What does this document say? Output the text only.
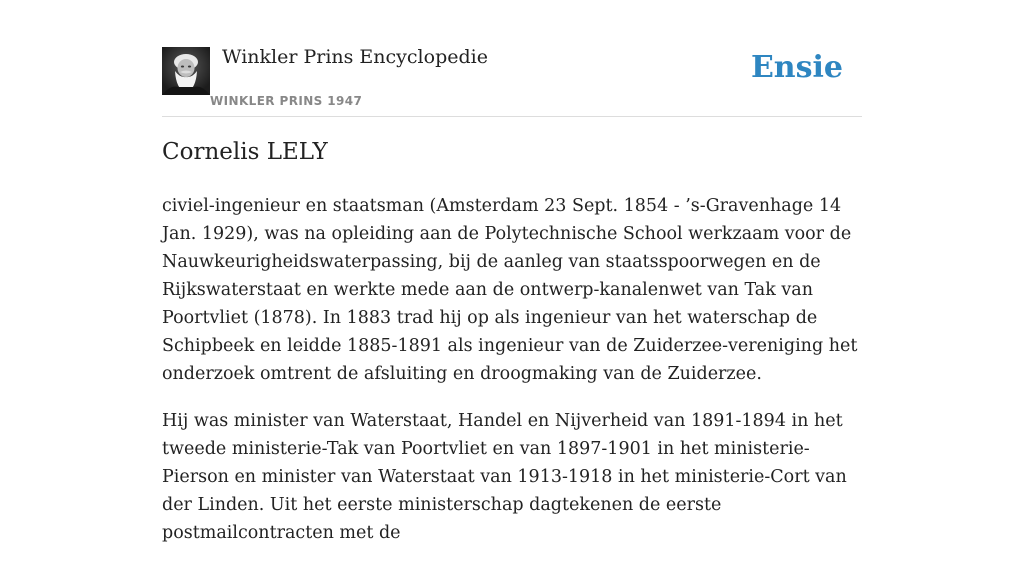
Winkler Prins Encyclopedie
WINKLER PRINS 1947
Ensie
Cornelis LELY

civiel-ingenieur en staatsman (Amsterdam 23 Sept. 1854 - ’s-Gravenhage 14 Jan. 1929), was na opleiding aan de Polytechnische School werkzaam voor de Nauwkeurigheidswaterpassing, bij de aanleg van staatsspoorwegen en de Rijkswaterstaat en werkte mede aan de ontwerp-kanalenwet van Tak van Poortvliet (1878). In 1883 trad hij op als ingenieur van het waterschap de Schipbeek en leidde 1885-1891 als ingenieur van de Zuiderzee-vereniging het onderzoek omtrent de afsluiting en droogmaking van de Zuiderzee.

Hij was minister van Waterstaat, Handel en Nijverheid van 1891-1894 in het tweede ministerie-Tak van Poortvliet en van 1897-1901 in het ministerie-Pierson en minister van Waterstaat van 1913-1918 in het ministerie-Cort van der Linden. Uit het eerste ministerschap dagtekenen de eerste postmailcontracten met de
